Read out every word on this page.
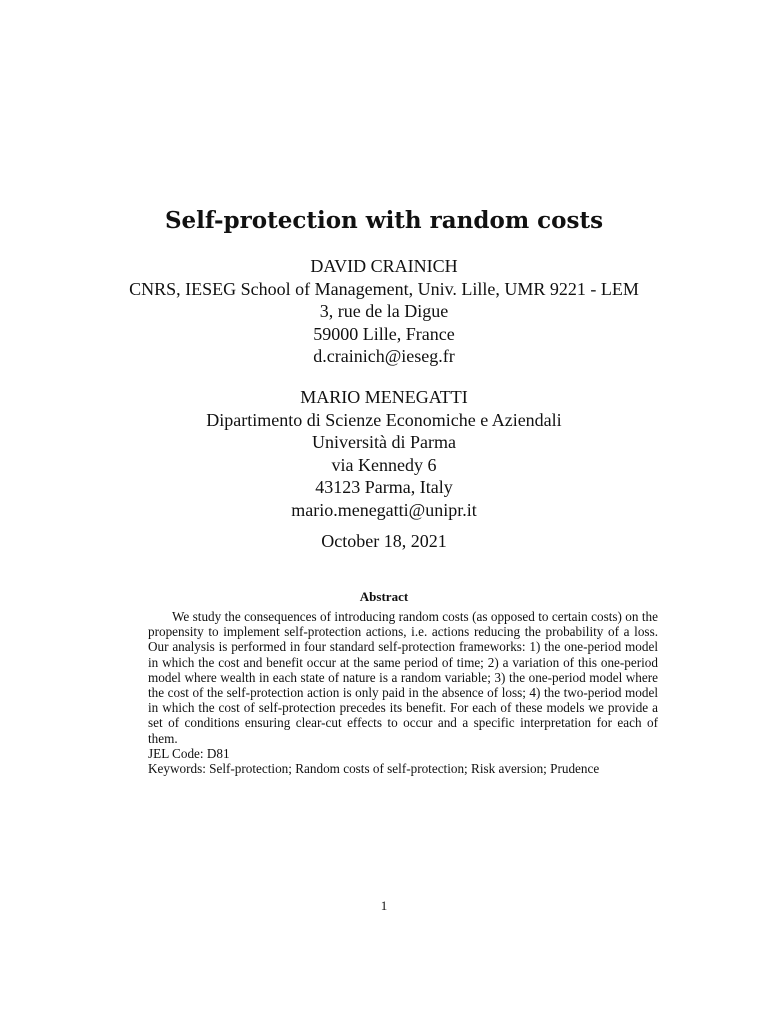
Self-protection with random costs
DAVID CRAINICH
CNRS, IESEG School of Management, Univ. Lille, UMR 9221 - LEM
3, rue de la Digue
59000 Lille, France
d.crainich@ieseg.fr
MARIO MENEGATTI
Dipartimento di Scienze Economiche e Aziendali
Università di Parma
via Kennedy 6
43123 Parma, Italy
mario.menegatti@unipr.it
October 18, 2021
Abstract

We study the consequences of introducing random costs (as opposed to certain costs) on the propensity to implement self-protection actions, i.e. actions reducing the probability of a loss. Our analysis is performed in four standard self-protection frameworks: 1) the one-period model in which the cost and benefit occur at the same period of time; 2) a variation of this one-period model where wealth in each state of nature is a random variable; 3) the one-period model where the cost of the self-protection action is only paid in the absence of loss; 4) the two-period model in which the cost of self-protection precedes its benefit. For each of these models we provide a set of conditions ensuring clear-cut effects to occur and a specific interpretation for each of them.

JEL Code: D81

Keywords: Self-protection; Random costs of self-protection; Risk aversion; Prudence

1
